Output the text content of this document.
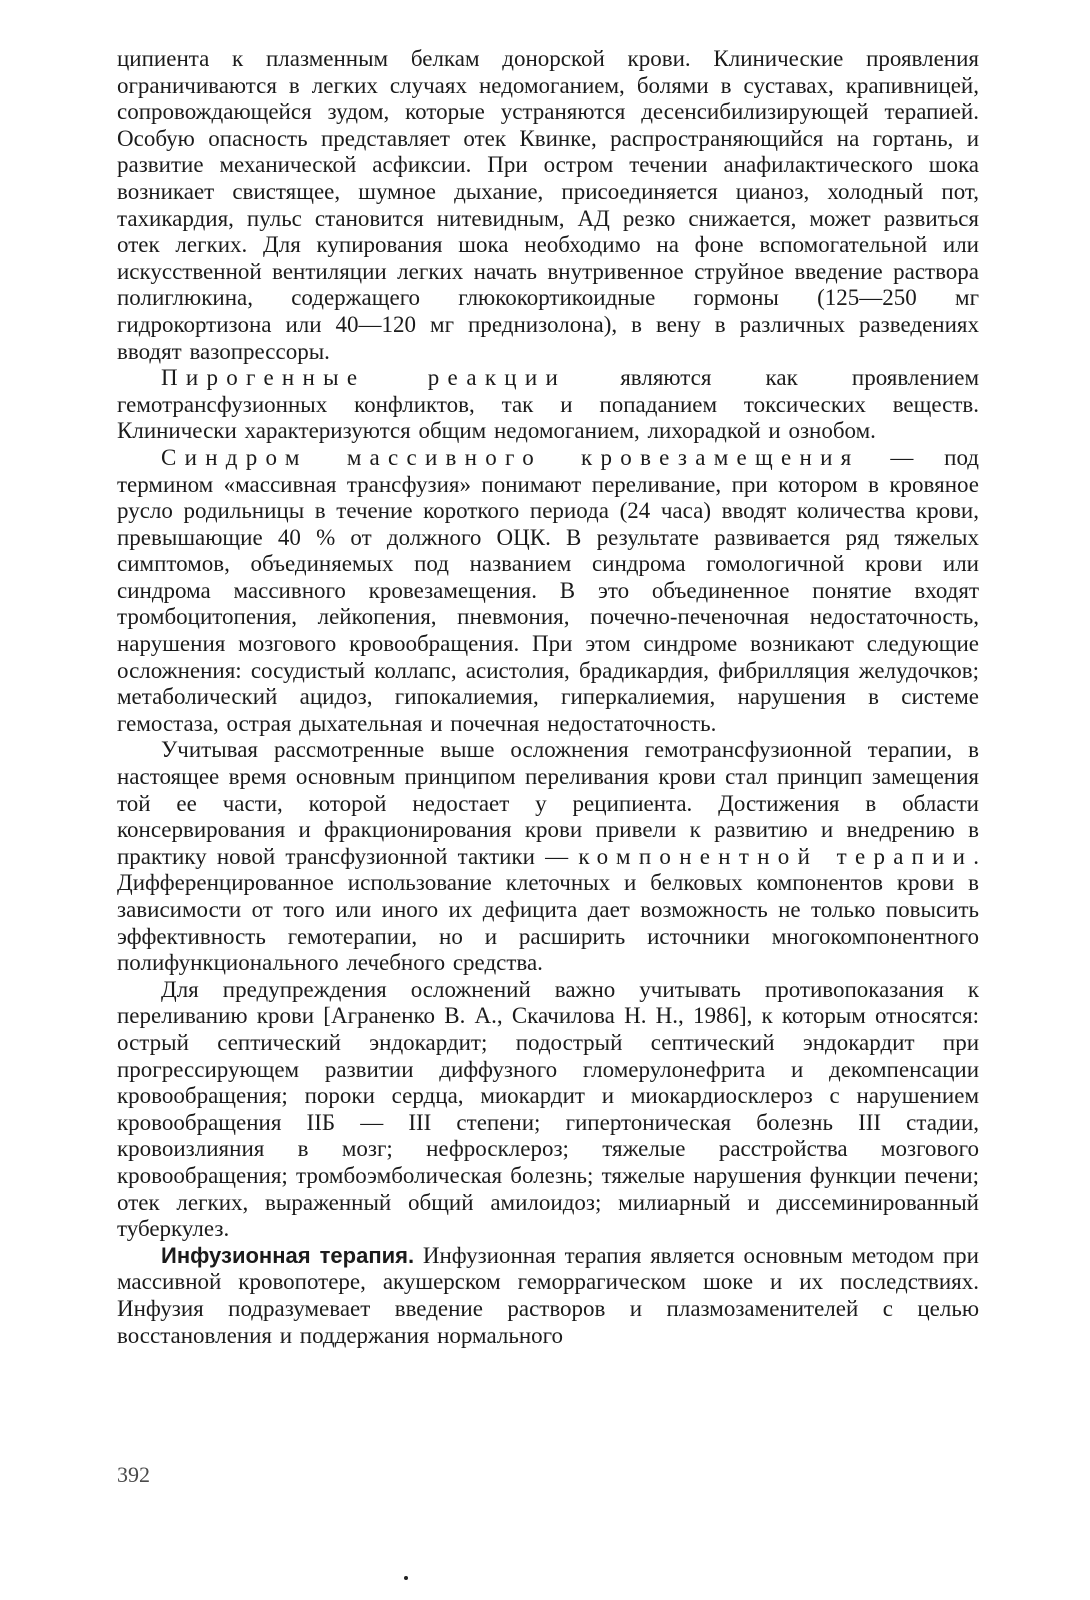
ципиента к плазменным белкам донорской крови. Клинические проявления ограничиваются в легких случаях недомоганием, болями в суставах, крапивницей, сопровождающейся зудом, которые устраняются десенсибилизирующей терапией. Особую опасность представляет отек Квинке, распространяющийся на гортань, и развитие механической асфиксии. При остром течении анафилактического шока возникает свистящее, шумное дыхание, присоединяется цианоз, холодный пот, тахикардия, пульс становится нитевидным, АД резко снижается, может развиться отек легких. Для купирования шока необходимо на фоне вспомогательной или искусственной вентиляции легких начать внутривенное струйное введение раствора полиглюкина, содержащего глюкокортикоидные гормоны (125—250 мг гидрокортизона или 40—120 мг преднизолона), в вену в различных разведениях вводят вазопрессоры.

Пирогенные реакции являются как проявлением гемотрансфузионных конфликтов, так и попаданием токсических веществ. Клинически характеризуются общим недомоганием, лихорадкой и ознобом.

Синдром массивного кровезамещения — под термином «массивная трансфузия» понимают переливание, при котором в кровяное русло родильницы в течение короткого периода (24 часа) вводят количества крови, превышающие 40 % от должного ОЦК. В результате развивается ряд тяжелых симптомов, объединяемых под названием синдрома гомологичной крови или синдрома массивного кровезамещения. В это объединенное понятие входят тромбоцитопения, лейкопения, пневмония, почечно-печеночная недостаточность, нарушения мозгового кровообращения. При этом синдроме возникают следующие осложнения: сосудистый коллапс, асистолия, брадикардия, фибрилляция желудочков; метаболический ацидоз, гипокалиемия, гиперкалиемия, нарушения в системе гемостаза, острая дыхательная и почечная недостаточность.

Учитывая рассмотренные выше осложнения гемотрансфузионной терапии, в настоящее время основным принципом переливания крови стал принцип замещения той ее части, которой недостает у реципиента. Достижения в области консервирования и фракционирования крови привели к развитию и внедрению в практику новой трансфузионной тактики — компонентной терапии. Дифференцированное использование клеточных и белковых компонентов крови в зависимости от того или иного их дефицита дает возможность не только повысить эффективность гемотерапии, но и расширить источники многокомпонентного полифункционального лечебного средства.

Для предупреждения осложнений важно учитывать противопоказания к переливанию крови [Аграненко В. А., Скачилова Н. Н., 1986], к которым относятся: острый септический эндокардит; подострый септический эндокардит при прогрессирующем развитии диффузного гломерулонефрита и декомпенсации кровообращения; пороки сердца, миокардит и миокардиосклероз с нарушением кровообращения IIБ — III степени; гипертоническая болезнь III стадии, кровоизлияния в мозг; нефросклероз; тяжелые расстройства мозгового кровообращения; тромбоэмболическая болезнь; тяжелые нарушения функции печени; отек легких, выраженный общий амилоидоз; милиарный и диссеминированный туберкулез.

Инфузионная терапия. Инфузионная терапия является основным методом при массивной кровопотере, акушерском геморрагическом шоке и их последствиях. Инфузия подразумевает введение растворов и плазмозаменителей с целью восстановления и поддержания нормального

392
